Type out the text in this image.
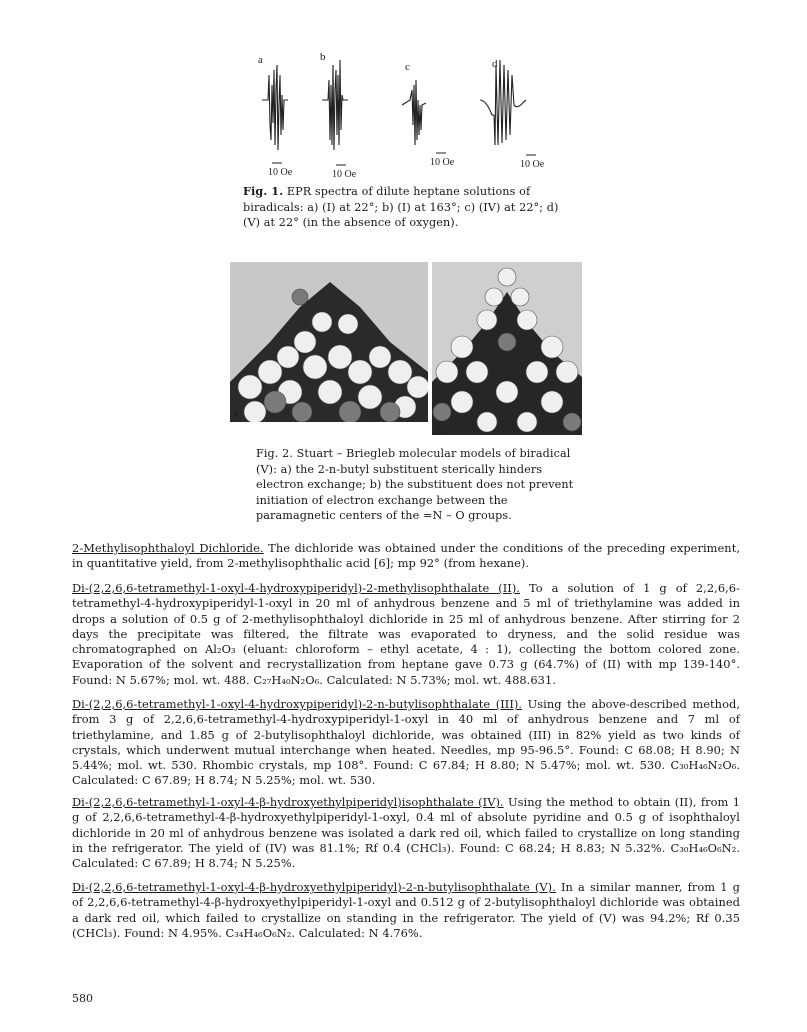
a	b
c	d
10 Oe	10 Oe
10 Oe	10 Oe
Fig. 1. EPR spectra of dilute heptane solutions of biradicals: a) (I) at 22°; b) (I) at 163°; c) (IV) at 22°; d) (V) at 22° (in the absence of oxygen).
a
b
Fig. 2. Stuart – Briegleb molecular models of biradical (V): a) the 2-n-butyl substituent sterically hinders electron exchange; b) the substituent does not prevent initiation of electron exchange between the paramagnetic centers of the =N – O groups.
2-Methylisophthaloyl Dichloride. The dichloride was obtained under the conditions of the preceding experiment, in quantitative yield, from 2-methylisophthalic acid [6]; mp 92° (from hexane).
Di-(2,2,6,6-tetramethyl-1-oxyl-4-hydroxypiperidyl)-2-methylisophthalate (II). To a solution of 1 g of 2,2,6,6-tetramethyl-4-hydroxypiperidyl-1-oxyl in 20 ml of anhydrous benzene and 5 ml of triethylamine was added in drops a solution of 0.5 g of 2-methylisophthaloyl dichloride in 25 ml of anhydrous benzene. After stirring for 2 days the precipitate was filtered, the filtrate was evaporated to dryness, and the solid residue was chromatographed on Al₂O₃ (eluant: chloroform – ethyl acetate, 4 : 1), collecting the bottom colored zone. Evaporation of the solvent and recrystallization from heptane gave 0.73 g (64.7%) of (II) with mp 139-140°. Found: N 5.67%; mol. wt. 488. C₂₇H₄₀N₂O₆. Calculated: N 5.73%; mol. wt. 488.631.
Di-(2,2,6,6-tetramethyl-1-oxyl-4-hydroxypiperidyl)-2-n-butylisophthalate (III). Using the above-described method, from 3 g of 2,2,6,6-tetramethyl-4-hydroxypiperidyl-1-oxyl in 40 ml of anhydrous benzene and 7 ml of triethylamine, and 1.85 g of 2-butylisophthaloyl dichloride, was obtained (III) in 82% yield as two kinds of crystals, which underwent mutual interchange when heated. Needles, mp 95-96.5°. Found: C 68.08; H 8.90; N 5.44%; mol. wt. 530. Rhombic crystals, mp 108°. Found: C 67.84; H 8.80; N 5.47%; mol. wt. 530. C₃₀H₄₆N₂O₆. Calculated: C 67.89; H 8.74; N 5.25%; mol. wt. 530.
Di-(2,2,6,6-tetramethyl-1-oxyl-4-β-hydroxyethylpiperidyl)isophthalate (IV). Using the method to obtain (II), from 1 g of 2,2,6,6-tetramethyl-4-β-hydroxyethylpiperidyl-1-oxyl, 0.4 ml of absolute pyridine and 0.5 g of isophthaloyl dichloride in 20 ml of anhydrous benzene was isolated a dark red oil, which failed to crystallize on long standing in the refrigerator. The yield of (IV) was 81.1%; Rf 0.4 (CHCl₃). Found: C 68.24; H 8.83; N 5.32%. C₃₀H₄₆O₆N₂. Calculated: C 67.89; H 8.74; N 5.25%.
Di-(2,2,6,6-tetramethyl-1-oxyl-4-β-hydroxyethylpiperidyl)-2-n-butylisophthalate (V). In a similar manner, from 1 g of 2,2,6,6-tetramethyl-4-β-hydroxyethylpiperidyl-1-oxyl and 0.512 g of 2-butylisophthaloyl dichloride was obtained a dark red oil, which failed to crystallize on standing in the refrigerator. The yield of (V) was 94.2%; Rf 0.35 (CHCl₃). Found: N 4.95%. C₃₄H₄₆O₆N₂. Calculated: N 4.76%.
580
